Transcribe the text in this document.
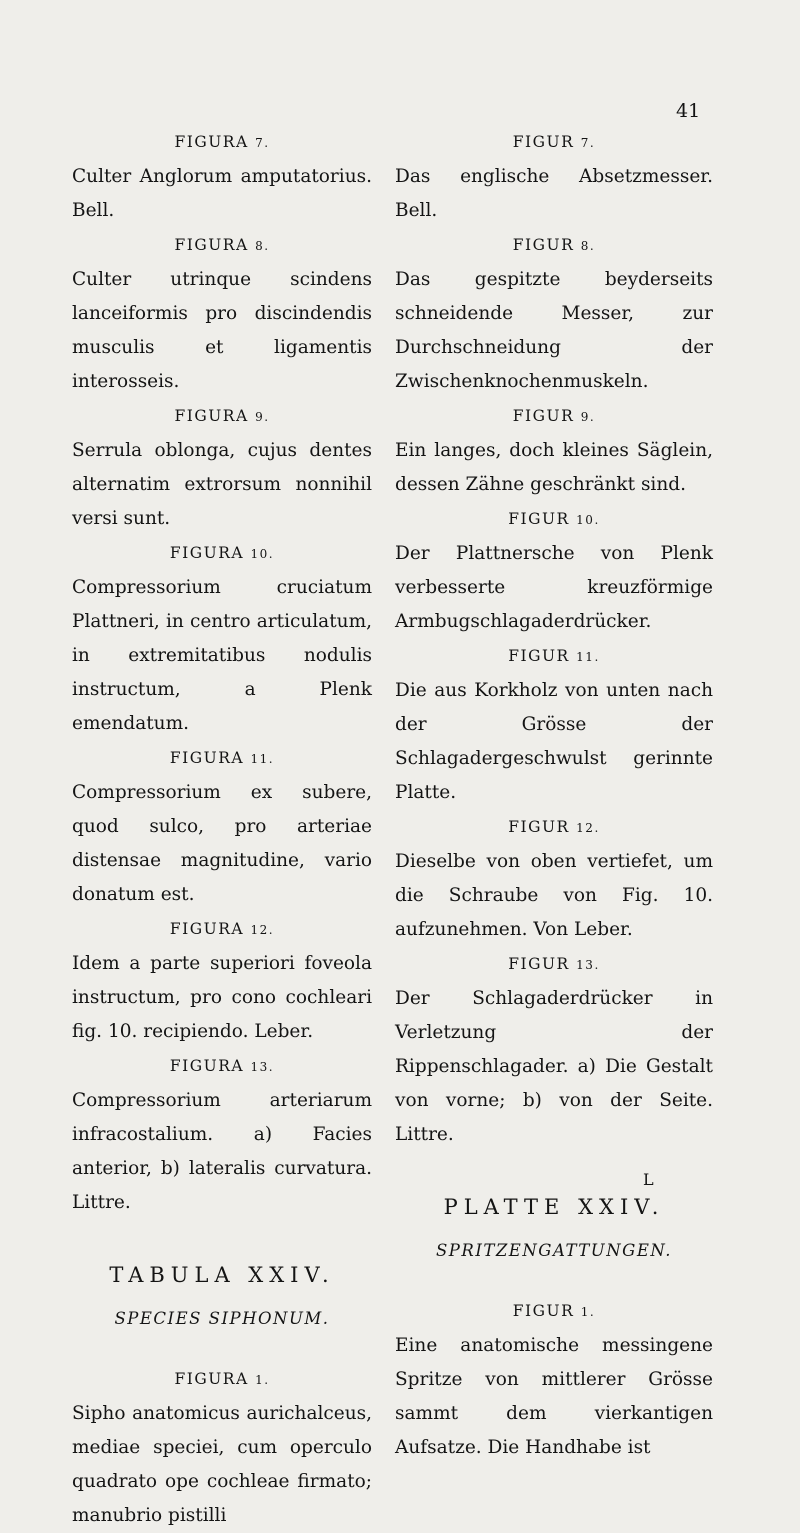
41
FIGURA 7.
Culter Anglorum amputatorius. Bell.
FIGURA 8.
Culter utrinque scindens lanceiformis pro discindendis musculis et ligamentis interosseis.
FIGURA 9.
Serrula oblonga, cujus dentes alternatim extrorsum nonnihil versi sunt.
FIGURA 10.
Compressorium cruciatum Plattneri, in centro articulatum, in extremitatibus nodulis instructum, a Plenk emendatum.
FIGURA 11.
Compressorium ex subere, quod sulco, pro arteriae distensae magnitudine, vario donatum est.
FIGURA 12.
Idem a parte superiori foveola instructum, pro cono cochleari fig. 10. recipiendo. Leber.
FIGURA 13.
Compressorium arteriarum infracostalium. a) Facies anterior, b) lateralis curvatura. Littre.
TABULA XXIV.
SPECIES SIPHONUM.
FIGURA 1.
Sipho anatomicus aurichalceus, mediae speciei, cum operculo quadrato ope cochleae firmato; manubrio pistilli
FIGUR 7.
Das englische Absetzmesser. Bell.
FIGUR 8.
Das gespitzte beyderseits schneidende Messer, zur Durchschneidung der Zwischenknochenmuskeln.
FIGUR 9.
Ein langes, doch kleines Säglein, dessen Zähne geschränkt sind.
FIGUR 10.
Der Plattnersche von Plenk verbesserte kreuzförmige Armbugschlagaderdrücker.
FIGUR 11.
Die aus Korkholz von unten nach der Grösse der Schlagadergeschwulst gerinnte Platte.
FIGUR 12.
Dieselbe von oben vertiefet, um die Schraube von Fig. 10. aufzunehmen. Von Leber.
FIGUR 13.
Der Schlagaderdrücker in Verletzung der Rippenschlagader. a) Die Gestalt von vorne; b) von der Seite. Littre.
PLATTE XXIV.
SPRITZENGATTUNGEN.
FIGUR 1.
Eine anatomische messingene Spritze von mittlerer Grösse sammt dem vierkantigen Aufsatze. Die Handhabe ist
L
